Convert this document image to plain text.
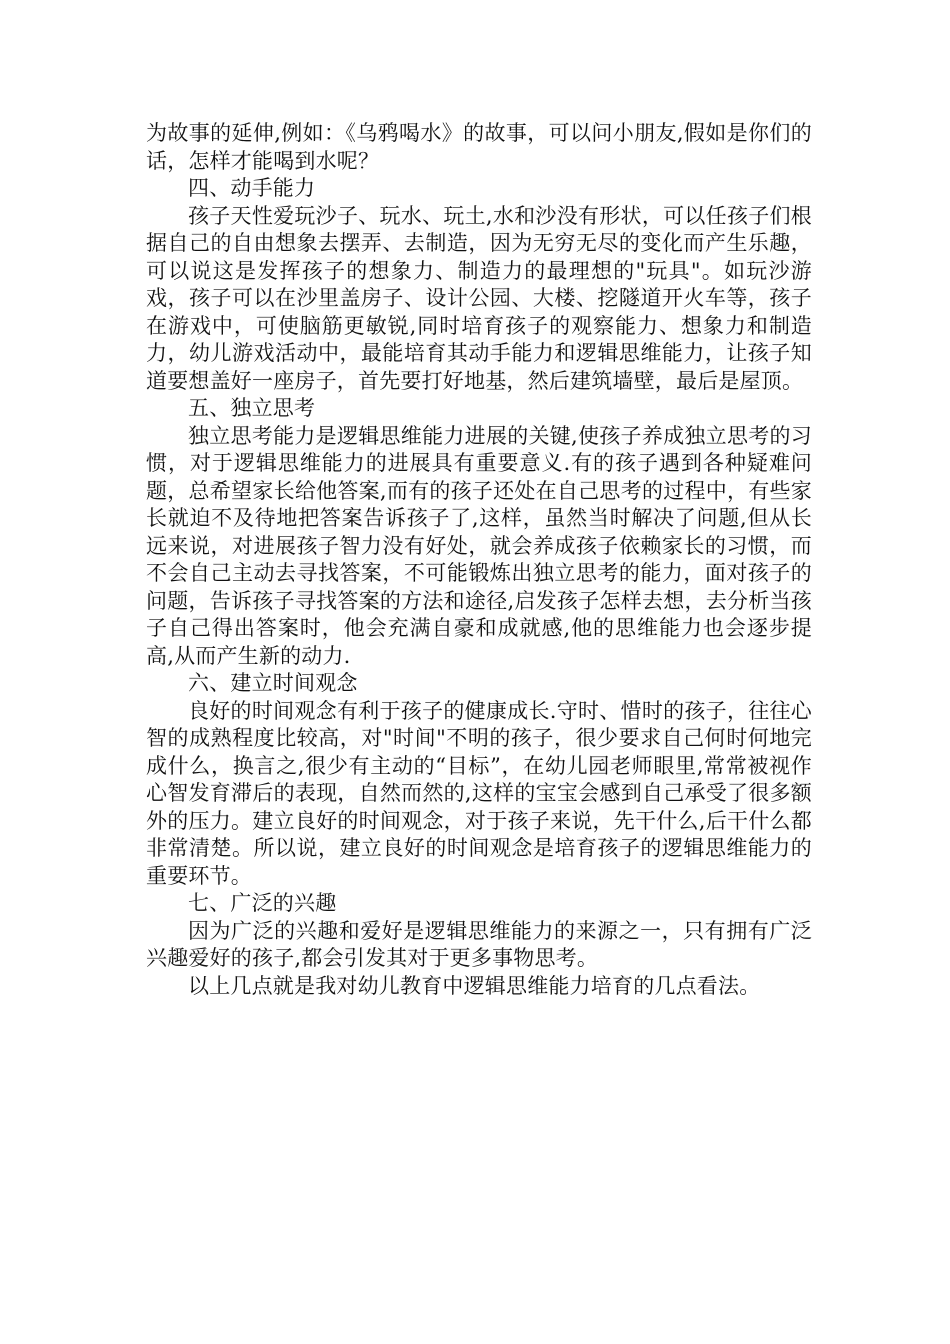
为故事的延伸,例如：《乌鸦喝水》的故事，可以问小朋友,假如是你们的话，怎样才能喝到水呢？

四、动手能力

孩子天性爱玩沙子、玩水、玩土,水和沙没有形状，可以任孩子们根据自己的自由想象去摆弄、去制造，因为无穷无尽的变化而产生乐趣，可以说这是发挥孩子的想象力、制造力的最理想的"玩具"。如玩沙游戏，孩子可以在沙里盖房子、设计公园、大楼、挖隧道开火车等，孩子在游戏中，可使脑筋更敏锐,同时培育孩子的观察能力、想象力和制造力，幼儿游戏活动中，最能培育其动手能力和逻辑思维能力，让孩子知道要想盖好一座房子，首先要打好地基，然后建筑墙壁，最后是屋顶。

五、独立思考

独立思考能力是逻辑思维能力进展的关键,使孩子养成独立思考的习惯，对于逻辑思维能力的进展具有重要意义.有的孩子遇到各种疑难问题，总希望家长给他答案,而有的孩子还处在自己思考的过程中，有些家长就迫不及待地把答案告诉孩子了,这样，虽然当时解决了问题,但从长远来说，对进展孩子智力没有好处，就会养成孩子依赖家长的习惯，而不会自己主动去寻找答案，不可能锻炼出独立思考的能力，面对孩子的问题，告诉孩子寻找答案的方法和途径,启发孩子怎样去想，去分析当孩子自己得出答案时，他会充满自豪和成就感,他的思维能力也会逐步提高,从而产生新的动力.

六、建立时间观念

良好的时间观念有利于孩子的健康成长.守时、惜时的孩子，往往心智的成熟程度比较高，对"时间"不明的孩子，很少要求自己何时何地完成什么，换言之,很少有主动的“目标”，在幼儿园老师眼里,常常被视作心智发育滞后的表现，自然而然的,这样的宝宝会感到自己承受了很多额外的压力。建立良好的时间观念，对于孩子来说，先干什么,后干什么都非常清楚。所以说，建立良好的时间观念是培育孩子的逻辑思维能力的重要环节。

七、广泛的兴趣

因为广泛的兴趣和爱好是逻辑思维能力的来源之一，只有拥有广泛兴趣爱好的孩子,都会引发其对于更多事物思考。

以上几点就是我对幼儿教育中逻辑思维能力培育的几点看法。
